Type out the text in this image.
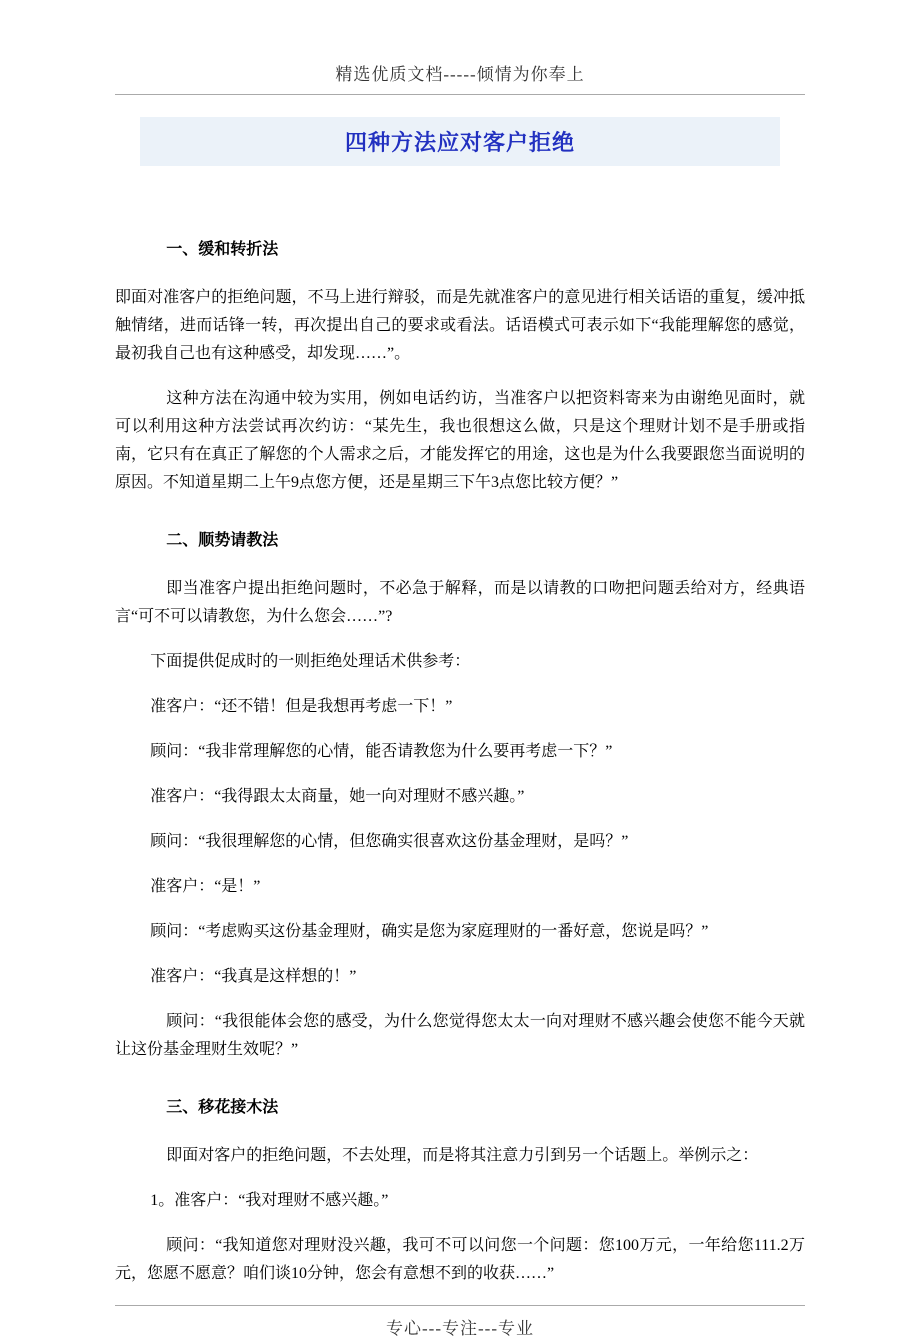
精选优质文档-----倾情为你奉上
四种方法应对客户拒绝

一、缓和转折法

即面对准客户的拒绝问题，不马上进行辩驳，而是先就准客户的意见进行相关话语的重复，缓冲抵触情绪，进而话锋一转，再次提出自己的要求或看法。话语模式可表示如下“我能理解您的感觉，最初我自己也有这种感受，却发现……”。

这种方法在沟通中较为实用，例如电话约访，当准客户以把资料寄来为由谢绝见面时，就可以利用这种方法尝试再次约访：“某先生，我也很想这么做，只是这个理财计划不是手册或指南，它只有在真正了解您的个人需求之后，才能发挥它的用途，这也是为什么我要跟您当面说明的原因。不知道星期二上午9点您方便，还是星期三下午3点您比较方便？”

二、顺势请教法

即当准客户提出拒绝问题时，不必急于解释，而是以请教的口吻把问题丢给对方，经典语言“可不可以请教您，为什么您会……”?

下面提供促成时的一则拒绝处理话术供参考：

准客户：“还不错！但是我想再考虑一下！”

顾问：“我非常理解您的心情，能否请教您为什么要再考虑一下？”

准客户：“我得跟太太商量，她一向对理财不感兴趣。”

顾问：“我很理解您的心情，但您确实很喜欢这份基金理财，是吗？”

准客户：“是！”

顾问：“考虑购买这份基金理财，确实是您为家庭理财的一番好意，您说是吗？”

准客户：“我真是这样想的！”

顾问：“我很能体会您的感受，为什么您觉得您太太一向对理财不感兴趣会使您不能今天就让这份基金理财生效呢？”

三、移花接木法

即面对客户的拒绝问题，不去处理，而是将其注意力引到另一个话题上。举例示之：

1。准客户：“我对理财不感兴趣。”

顾问：“我知道您对理财没兴趣，我可不可以问您一个问题：您100万元，一年给您111.2万元，您愿不愿意？咱们谈10分钟，您会有意想不到的收获……”

专心---专注---专业
